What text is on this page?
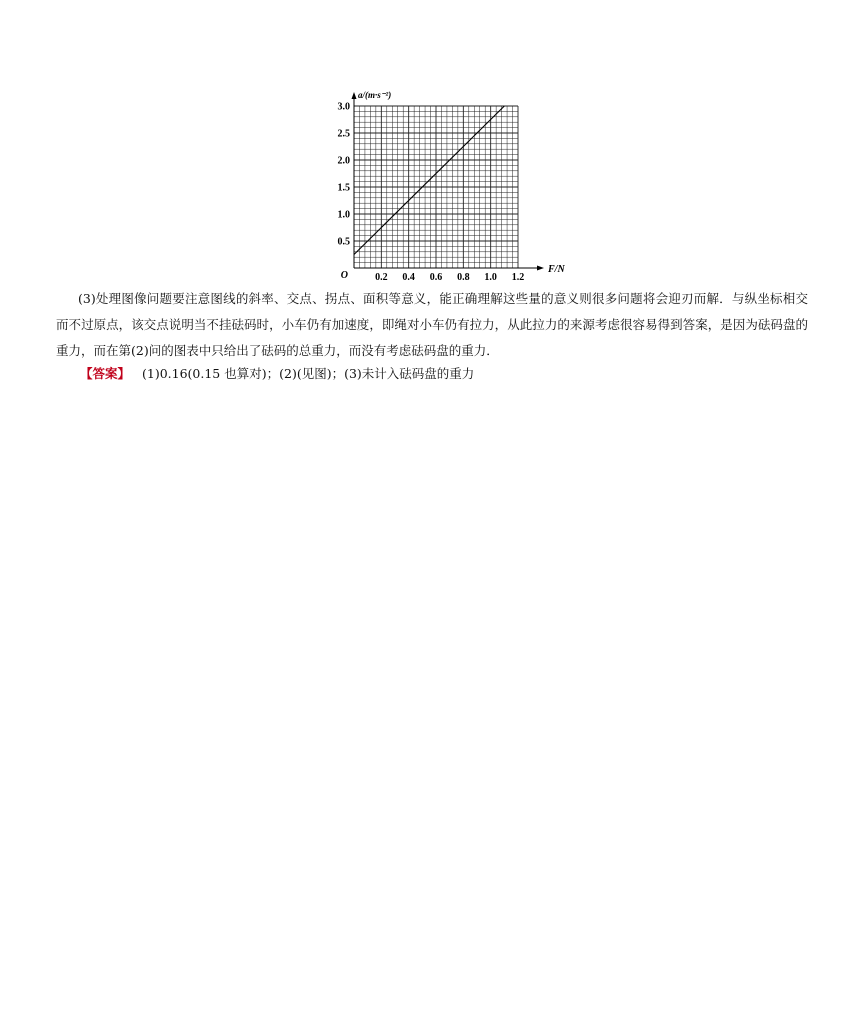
0.2 0.4 0.6 0.8 1.0 1.2
0.5
1.0
1.5
2.0
2.5
3.0
O
F/N
a/(m·s⁻²)

(3)处理图像问题要注意图线的斜率、交点、拐点、面积等意义，能正确理解这些量的意义则很多问题将会迎刃而解．与纵坐标相交而不过原点，该交点说明当不挂砝码时，小车仍有加速度，即绳对小车仍有拉力，从此拉力的来源考虑很容易得到答案，是因为砝码盘的重力，而在第(2)问的图表中只给出了砝码的总重力，而没有考虑砝码盘的重力．

【答案】 (1)0.16(0.15 也算对)；(2)(见图)；(3)未计入砝码盘的重力
